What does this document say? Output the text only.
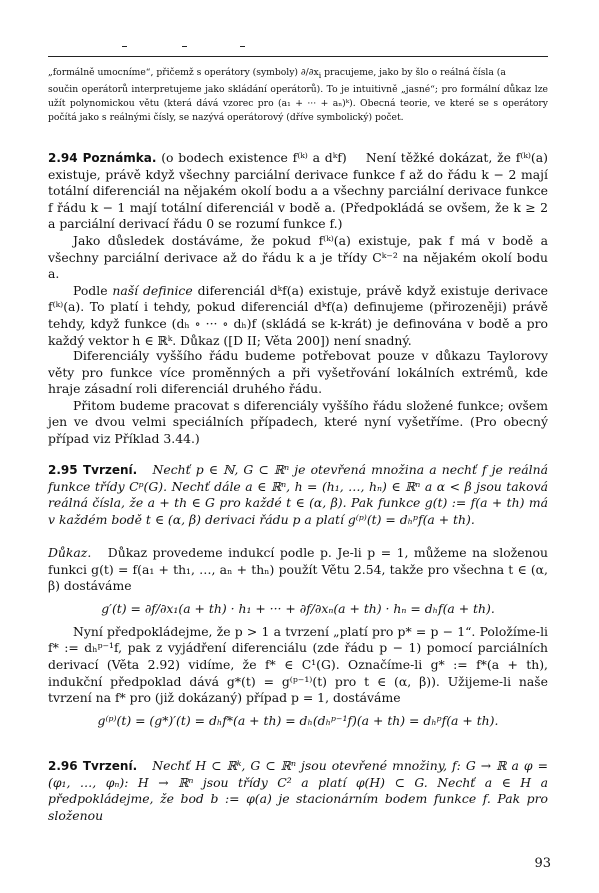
„formálně umocníme“, přičemž s operátory (symboly) $\partial/\partial x_i$ pracujeme, jako by šlo o reálná čísla (a
součin operátorů interpretujeme jako skládání operátorů). To je intuitivně „jasné“; pro formální důkaz lze užít polynomickou větu (která dává vzorec pro (a₁ + ··· + aₙ)ᵏ). Obecná teorie, ve které se s operátory počítá jako s reálnými čísly, se nazývá operátorový (dříve symbolický) počet.

2.94 Poznámka. (o bodech existence f⁽ᵏ⁾ a dᵏf) Není těžké dokázat, že f⁽ᵏ⁾(a) existuje, právě když všechny parciální derivace funkce f až do řádu k − 2 mají totální diferenciál na nějakém okolí bodu a a všechny parciální derivace funkce f řádu k − 1 mají totální diferenciál v bodě a. (Předpokládá se ovšem, že k ≥ 2 a parciální derivací řádu 0 se rozumí funkce f.)

Jako důsledek dostáváme, že pokud f⁽ᵏ⁾(a) existuje, pak f má v bodě a všechny parciální derivace až do řádu k a je třídy Cᵏ⁻² na nějakém okolí bodu a.

Podle naší definice diferenciál dᵏf(a) existuje, právě když existuje derivace f⁽ᵏ⁾(a). To platí i tehdy, pokud diferenciál dᵏf(a) definujeme (přirozeněji) právě tehdy, když funkce (dₕ ∘ ··· ∘ dₕ)f (skládá se k-krát) je definována v bodě a pro každý vektor h ∈ ℝᵏ. Důkaz ([D II; Věta 200]) není snadný.

Diferenciály vyššího řádu budeme potřebovat pouze v důkazu Taylorovy věty pro funkce více proměnných a při vyšetřování lokálních extrémů, kde hraje zásadní roli diferenciál druhého řádu.

Přitom budeme pracovat s diferenciály vyššího řádu složené funkce; ovšem jen ve dvou velmi speciálních případech, které nyní vyšetříme. (Pro obecný případ viz Příklad 3.44.)

2.95 Tvrzení. Nechť p ∈ ℕ, G ⊂ ℝⁿ je otevřená množina a nechť f je reálná funkce třídy Cᵖ(G). Nechť dále a ∈ ℝⁿ, h = (h₁, …, hₙ) ∈ ℝⁿ a α < β jsou taková reálná čísla, že a + th ∈ G pro každé t ∈ (α, β). Pak funkce g(t) := f(a + th) má v každém bodě t ∈ (α, β) derivaci řádu p a platí g⁽ᵖ⁾(t) = dₕᵖf(a + th).

Důkaz. Důkaz provedeme indukcí podle p. Je-li p = 1, můžeme na složenou funkci g(t) = f(a₁ + th₁, …, aₙ + thₙ) použít Větu 2.54, takže pro všechna t ∈ (α, β) dostáváme

g′(t) = ∂f/∂x₁(a + th) · h₁ + ··· + ∂f/∂xₙ(a + th) · hₙ = dₕf(a + th).

Nyní předpokládejme, že p > 1 a tvrzení „platí pro p* = p − 1“. Položíme-li f* := dₕᵖ⁻¹f, pak z vyjádření diferenciálu (zde řádu p − 1) pomocí parciálních derivací (Věta 2.92) vidíme, že f* ∈ C¹(G). Označíme-li g* := f*(a + th), indukční předpoklad dává g*(t) = g⁽ᵖ⁻¹⁾(t) pro t ∈ (α, β)). Užijeme-li naše tvrzení na f* pro (již dokázaný) případ p = 1, dostáváme

g⁽ᵖ⁾(t) = (g*)′(t) = dₕf*(a + th) = dₕ(dₕᵖ⁻¹f)(a + th) = dₕᵖf(a + th).

2.96 Tvrzení. Nechť H ⊂ ℝᵏ, G ⊂ ℝⁿ jsou otevřené množiny, f: G → ℝ a φ = (φ₁, …, φₙ): H → ℝⁿ jsou třídy C² a platí φ(H) ⊂ G. Nechť a ∈ H a předpokládejme, že bod b := φ(a) je stacionárním bodem funkce f. Pak pro složenou

93
